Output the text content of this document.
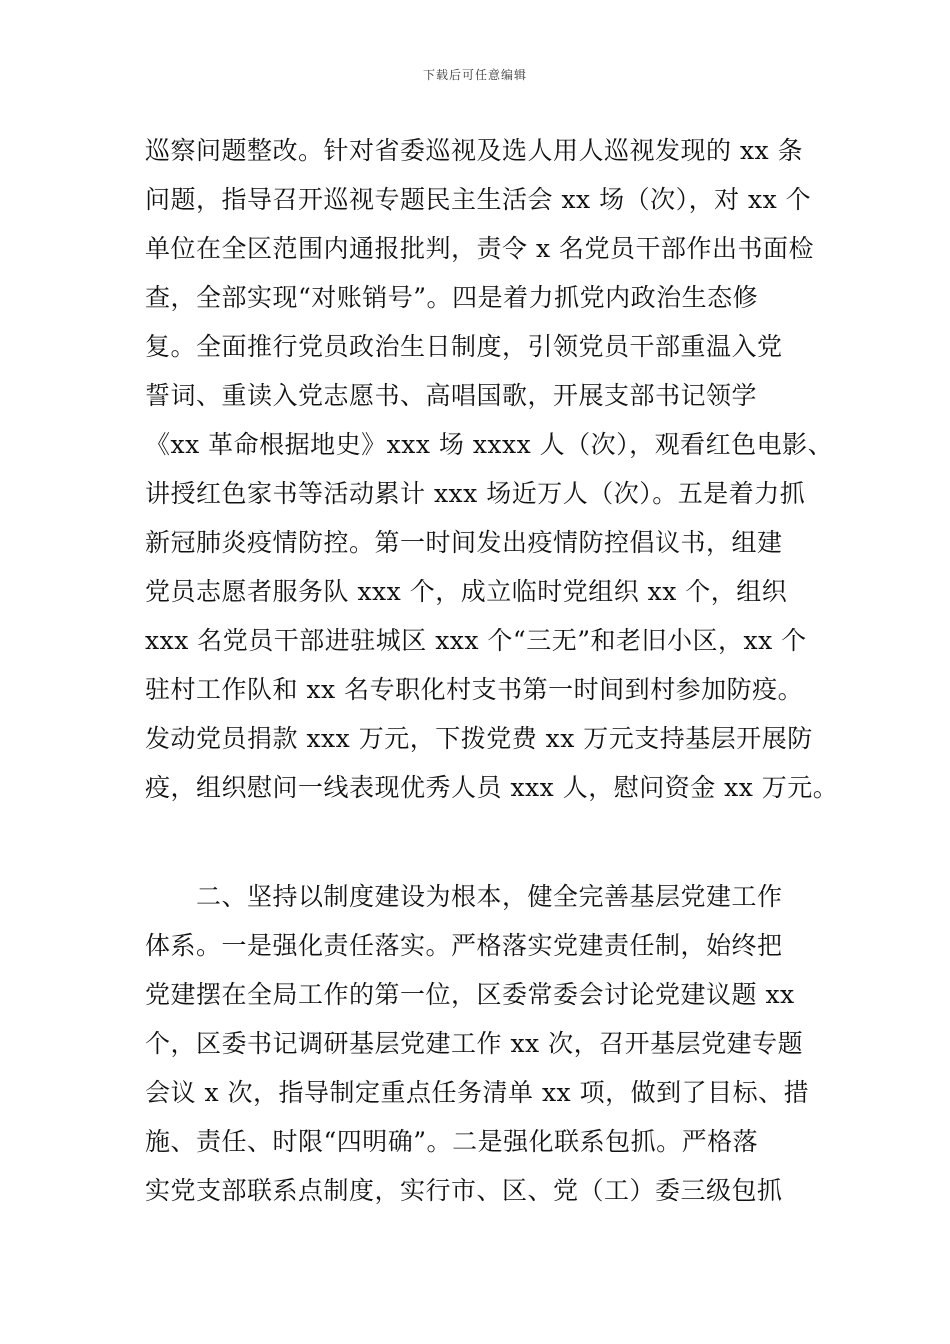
下载后可任意编辑
巡察问题整改。针对省委巡视及选人用人巡视发现的 xx 条
问题，指导召开巡视专题民主生活会 xx 场（次），对 xx 个
单位在全区范围内通报批判，责令 x 名党员干部作出书面检
查，全部实现“对账销号”。四是着力抓党内政治生态修
复。全面推行党员政治生日制度，引领党员干部重温入党
誓词、重读入党志愿书、高唱国歌，开展支部书记领学
《xx 革命根据地史》xxx 场 xxxx 人（次），观看红色电影、
讲授红色家书等活动累计 xxx 场近万人（次）。五是着力抓
新冠肺炎疫情防控。第一时间发出疫情防控倡议书，组建
党员志愿者服务队 xxx 个，成立临时党组织 xx 个，组织
xxx 名党员干部进驻城区 xxx 个“三无”和老旧小区，xx 个
驻村工作队和 xx 名专职化村支书第一时间到村参加防疫。
发动党员捐款 xxx 万元，下拨党费 xx 万元支持基层开展防
疫，组织慰问一线表现优秀人员 xxx 人，慰问资金 xx 万元。
　　二、坚持以制度建设为根本，健全完善基层党建工作
体系。一是强化责任落实。严格落实党建责任制，始终把
党建摆在全局工作的第一位，区委常委会讨论党建议题 xx
个，区委书记调研基层党建工作 xx 次，召开基层党建专题
会议 x 次，指导制定重点任务清单 xx 项，做到了目标、措
施、责任、时限“四明确”。二是强化联系包抓。严格落
实党支部联系点制度，实行市、区、党（工）委三级包抓
